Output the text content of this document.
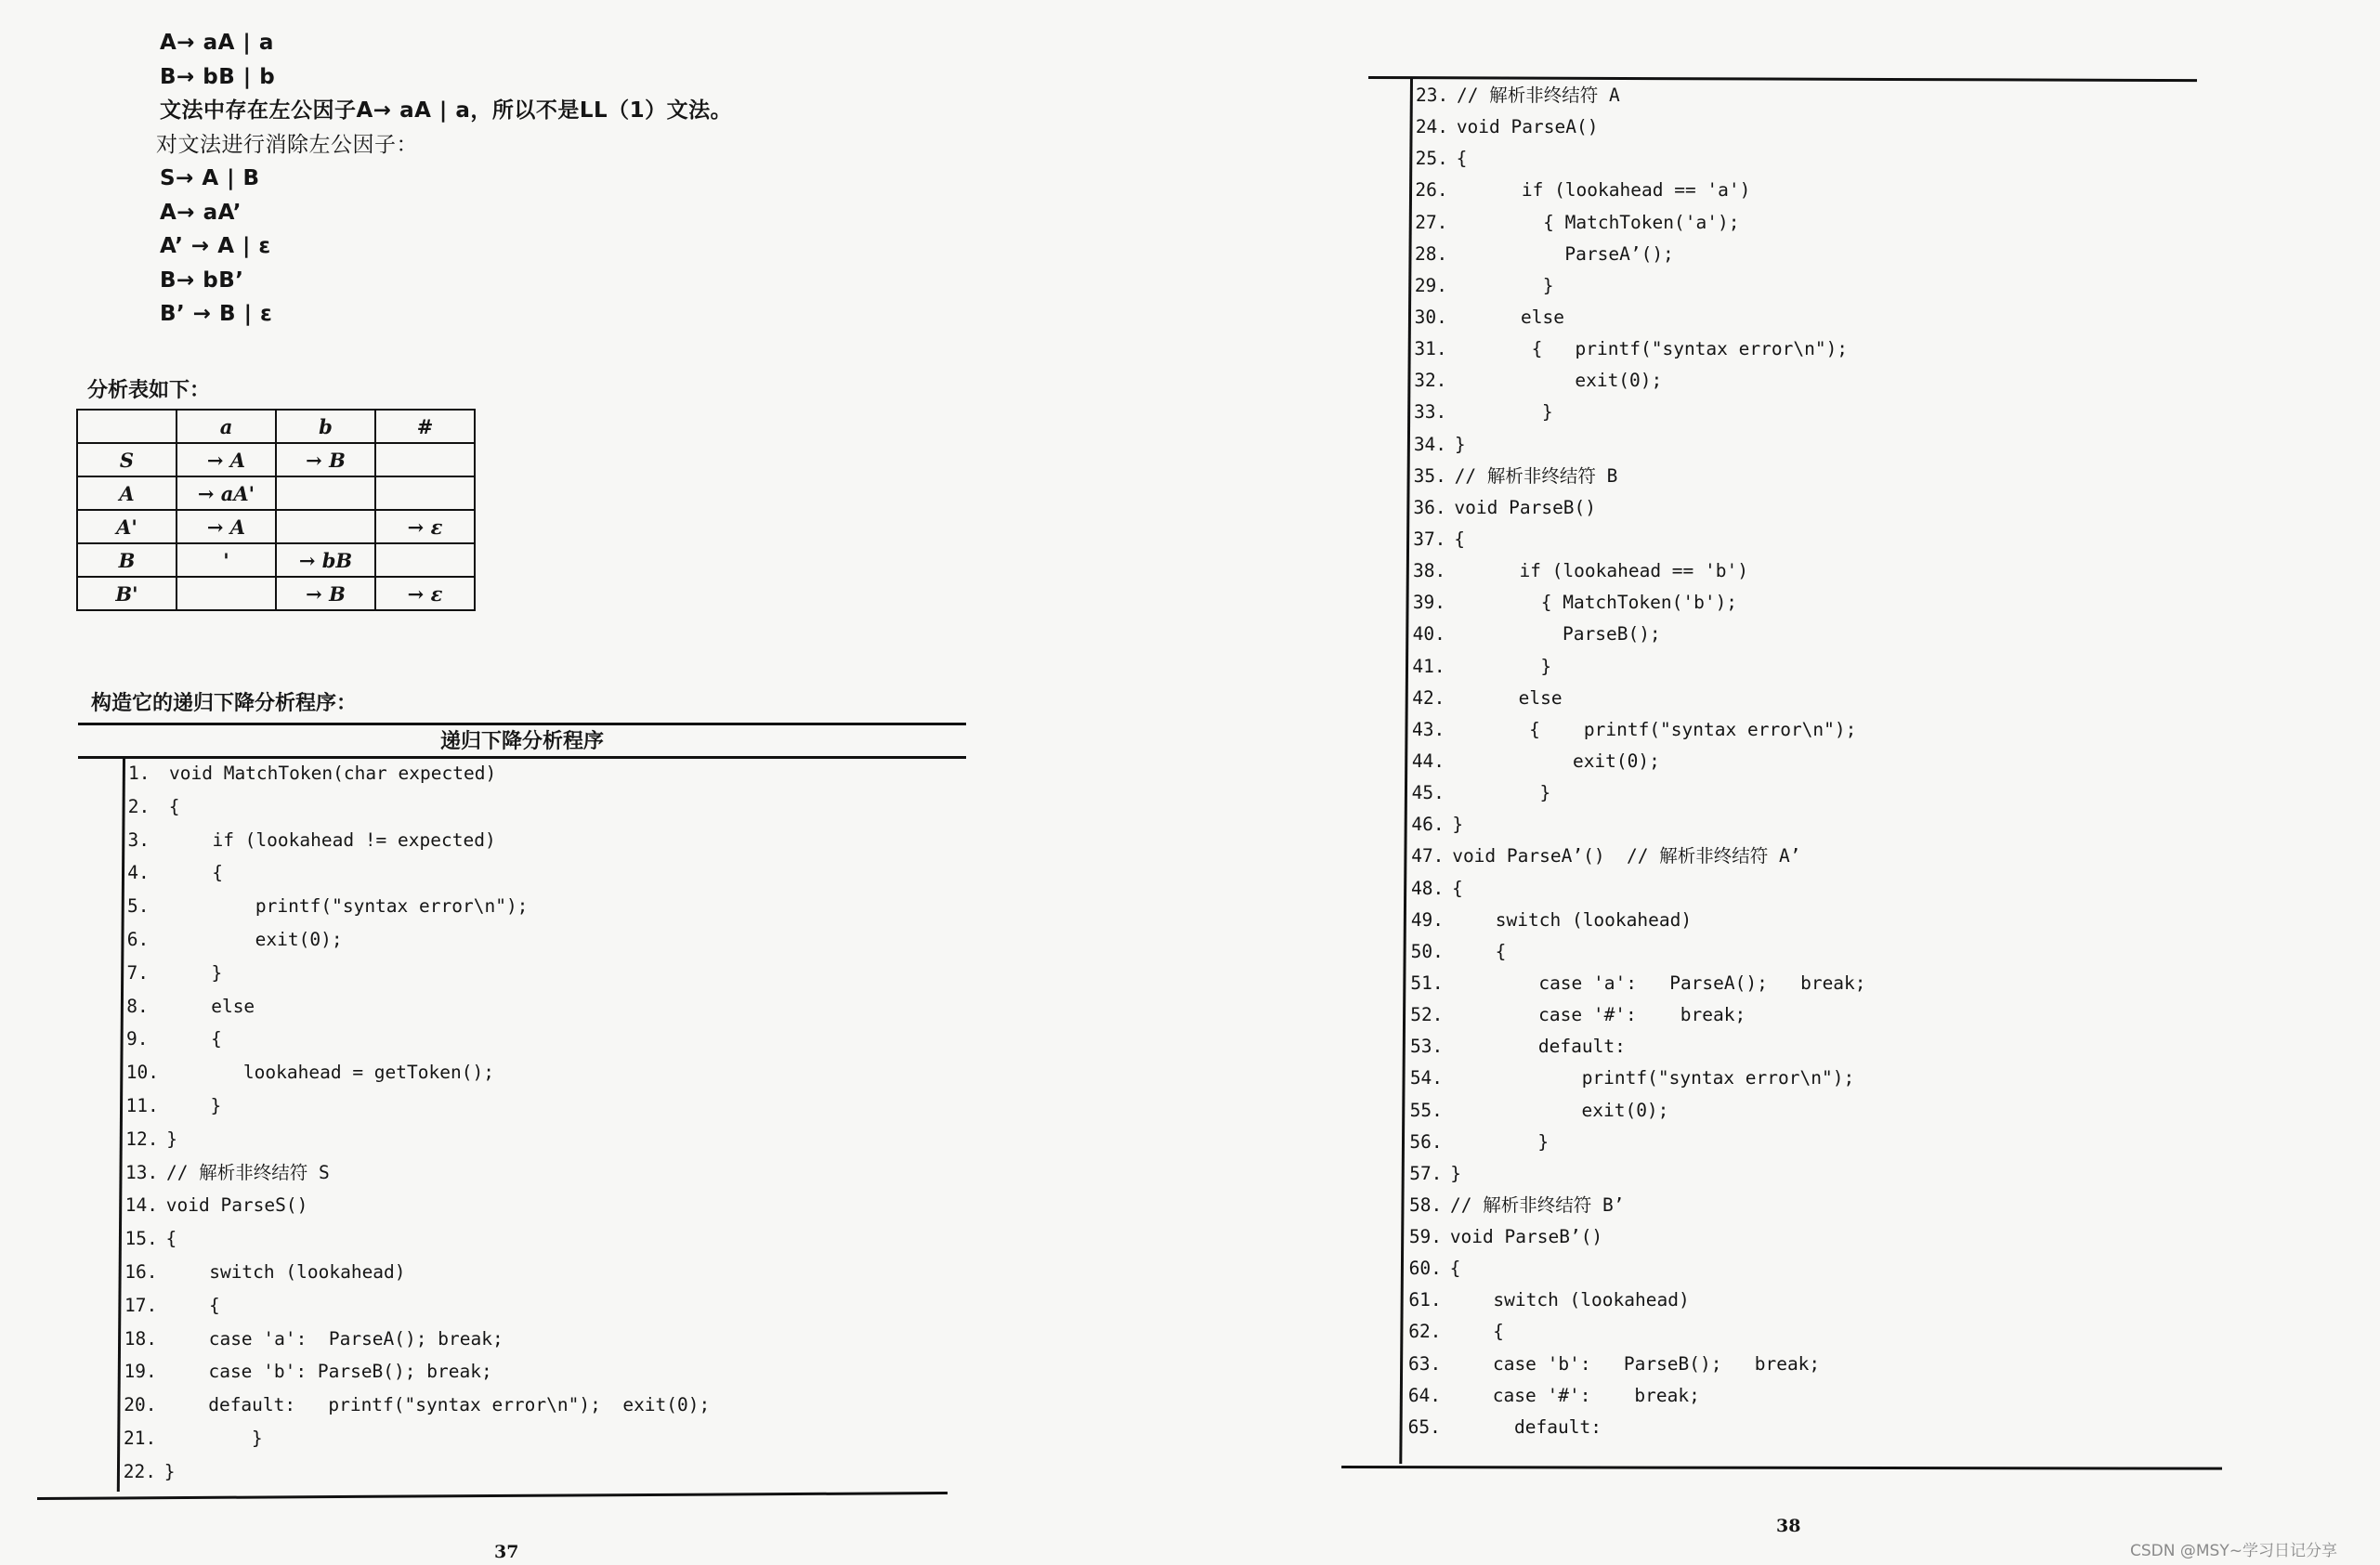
A→ aA | a
B→ bB | b
文法中存在左公因子A→ aA | a，所以不是LL（1）文法。
对文法进行消除左公因子：
S→ A | B
A→ aA’
A’ → A | ε
B→ bB’
B’ → B | ε
分析表如下：
	a	b	#
S	→ A	→ B	
A	→ aA'		
A'	→ A		→ ε
B	'	→ bB	
B'		→ B	→ ε
构造它的递归下降分析程序：
递归下降分析程序
1. void MatchToken(char expected)
2. {
3.    if (lookahead != expected)
4.    {
5.        printf("syntax error\n");
6.        exit(0);
7.    }
8.    else
9.    {
10.       lookahead = getToken();
11.    }
12. }
13. // 解析非终结符 S
14. void ParseS()
15. {
16.    switch (lookahead)
17.    {
18.    case 'a':  ParseA(); break;
19.    case 'b': ParseB(); break;
20.    default:   printf("syntax error\n");  exit(0);
21.        }
22. }
37
23. // 解析非终结符 A
24. void ParseA()
25. {
26.      if (lookahead == 'a')
27.        { MatchToken('a');
28.          ParseA’();
29.        }
30.      else
31.       {   printf("syntax error\n");
32.           exit(0);
33.        }
34. }
35. // 解析非终结符 B
36. void ParseB()
37. {
38.      if (lookahead == 'b')
39.        { MatchToken('b');
40.          ParseB();
41.        }
42.      else
43.       {    printf("syntax error\n");
44.           exit(0);
45.        }
46. }
47. void ParseA’()  // 解析非终结符 A’
48. {
49.    switch (lookahead)
50.    {
51.        case 'a':   ParseA();   break;
52.        case '#':    break;
53.        default:
54.            printf("syntax error\n");
55.            exit(0);
56.        }
57. }
58. // 解析非终结符 B’
59. void ParseB’()
60. {
61.    switch (lookahead)
62.    {
63.    case 'b':   ParseB();   break;
64.    case '#':    break;
65.      default:
38
CSDN @MSY~学习日记分享
